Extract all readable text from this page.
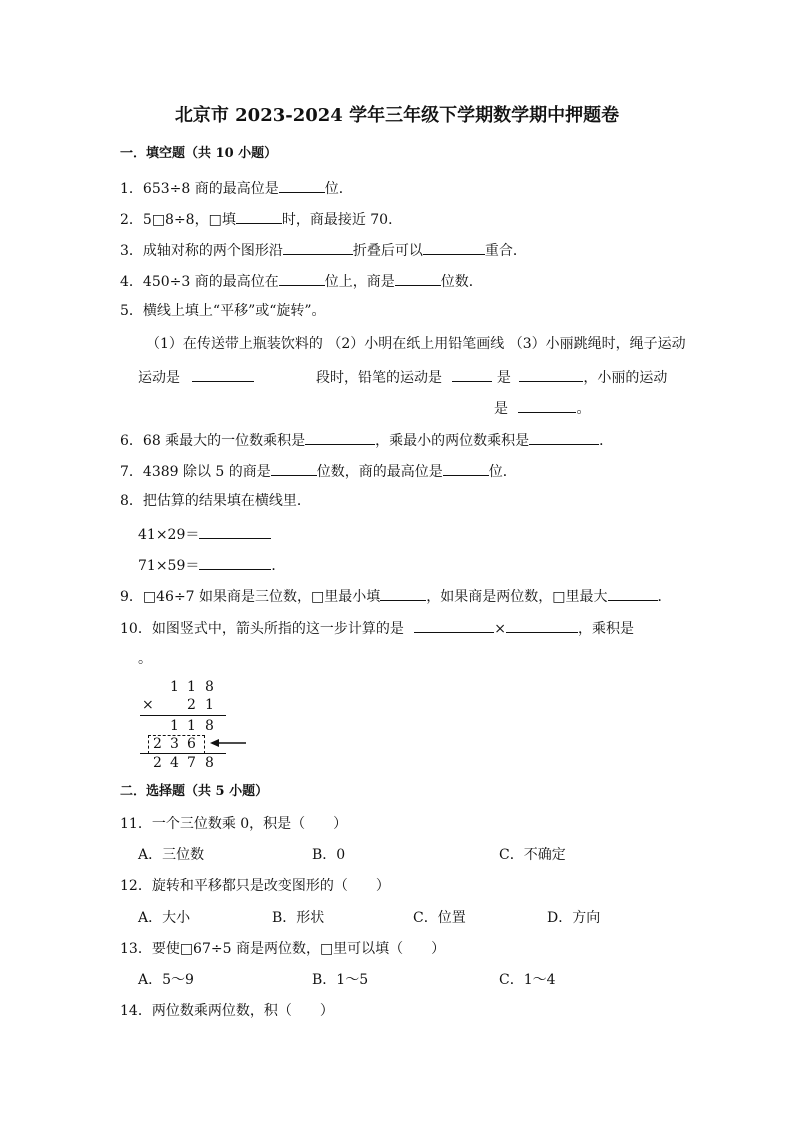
北京市 2023-2024 学年三年级下学期数学期中押题卷
一．填空题（共 10 小题）
1．653÷8 商的最高位是	位．
2．5□8÷8，□填	时，商最接近 70．
3．成轴对称的两个图形沿	折叠后可以	重合．
4．450÷3 商的最高位在	位上，商是	位数．
5．横线上填上“平移”或“旋转”。
（1）在传送带上瓶装饮料的 （2）小明在纸上用铅笔画线 （3）小丽跳绳时，绳子运动
运动是	段时，铅笔的运动是	是	，小丽的运动
是	。
6．68 乘最大的一位数乘积是	，乘最小的两位数乘积是	．
7．4389 除以 5 的商是	位数，商的最高位是	位．
8．把估算的结果填在横线里．
41×29＝
71×59＝	．
9．□46÷7 如果商是三位数，□里最小填	，如果商是两位数，□里最大	．
10．如图竖式中，箭头所指的这一步计算的是	×	，乘积是
。
1 1 8
× 2 1
1 1 8
2 3 6
2 4 7 8
二．选择题（共 5 小题）
11．一个三位数乘 0，积是（　　）
A．三位数	B．0	C．不确定
12．旋转和平移都只是改变图形的（　　）
A．大小	B．形状	C．位置	D．方向
13．要使□67÷5 商是两位数，□里可以填（　　）
A．5～9	B．1～5	C．1～4
14．两位数乘两位数，积（　　）
